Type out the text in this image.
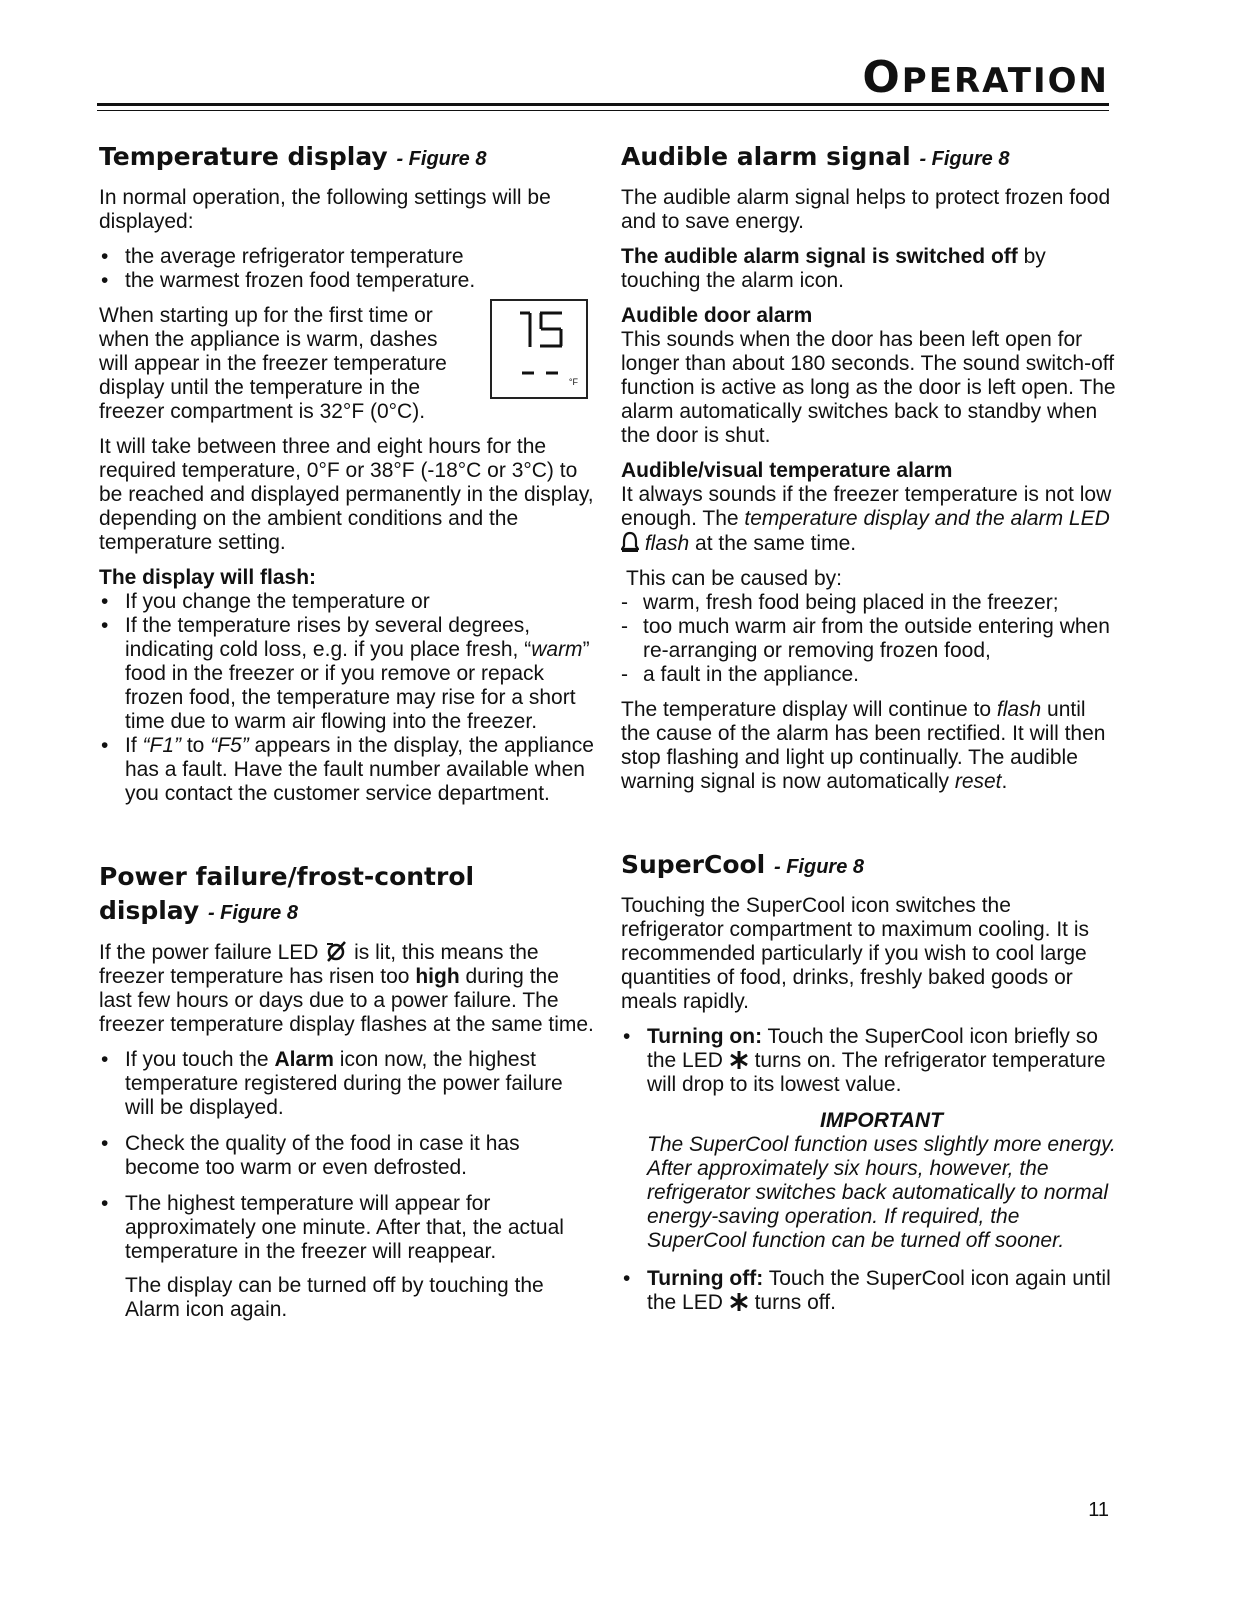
OPERATION
Temperature display - Figure 8

In normal operation, the following settings will be displayed:

• the average refrigerator temperature
• the warmest frozen food temperature.

When starting up for the first time or when the appliance is warm, dashes will appear in the freezer temperature display until the temperature in the freezer compartment is 32°F (0°C).

It will take between three and eight hours for the required temperature, 0°F or 38°F (-18°C or 3°C) to be reached and displayed permanently in the display, depending on the ambient conditions and the temperature setting.

The display will flash:

• If you change the temperature or
• If the temperature rises by several degrees, indicating cold loss, e.g. if you place fresh, “warm” food in the freezer or if you remove or repack frozen food, the temperature may rise for a short time due to warm air flowing into the freezer.
• If “F1” to “F5” appears in the display, the appliance has a fault. Have the fault number available when you contact the customer service department.
°F
Power failure/frost-control
display - Figure 8

If the power failure LED is lit, this means the freezer temperature has risen too high during the last few hours or days due to a power failure. The freezer temperature display flashes at the same time.

• If you touch the Alarm icon now, the highest temperature registered during the power failure will be displayed.
• Check the quality of the food in case it has become too warm or even defrosted.
• The highest temperature will appear for approximately one minute. After that, the actual temperature in the freezer will reappear.

The display can be turned off by touching the Alarm icon again.
Audible alarm signal - Figure 8

The audible alarm signal helps to protect frozen food and to save energy.

The audible alarm signal is switched off by touching the alarm icon.

Audible door alarm

This sounds when the door has been left open for longer than about 180 seconds. The sound switch-off function is active as long as the door is left open. The alarm automatically switches back to standby when the door is shut.

Audible/visual temperature alarm

It always sounds if the freezer temperature is not low enough. The temperature display and the alarm LED  flash at the same time.

This can be caused by:

- warm, fresh food being placed in the freezer;
- too much warm air from the outside entering when re-arranging or removing frozen food,
- a fault in the appliance.

The temperature display will continue to flash until the cause of the alarm has been rectified. It will then stop flashing and light up continually. The audible warning signal is now automatically reset.

SuperCool - Figure 8

Touching the SuperCool icon switches the refrigerator compartment to maximum cooling. It is recommended particularly if you wish to cool large quantities of food, drinks, freshly baked goods or meals rapidly.

• Turning on: Touch the SuperCool icon briefly so the LED turns on. The refrigerator temperature will drop to its lowest value.

IMPORTANT

The SuperCool function uses slightly more energy. After approximately six hours, however, the refrigerator switches back automatically to normal energy-saving operation. If required, the SuperCool function can be turned off sooner.

• Turning off: Touch the SuperCool icon again until the LED turns off.
11
